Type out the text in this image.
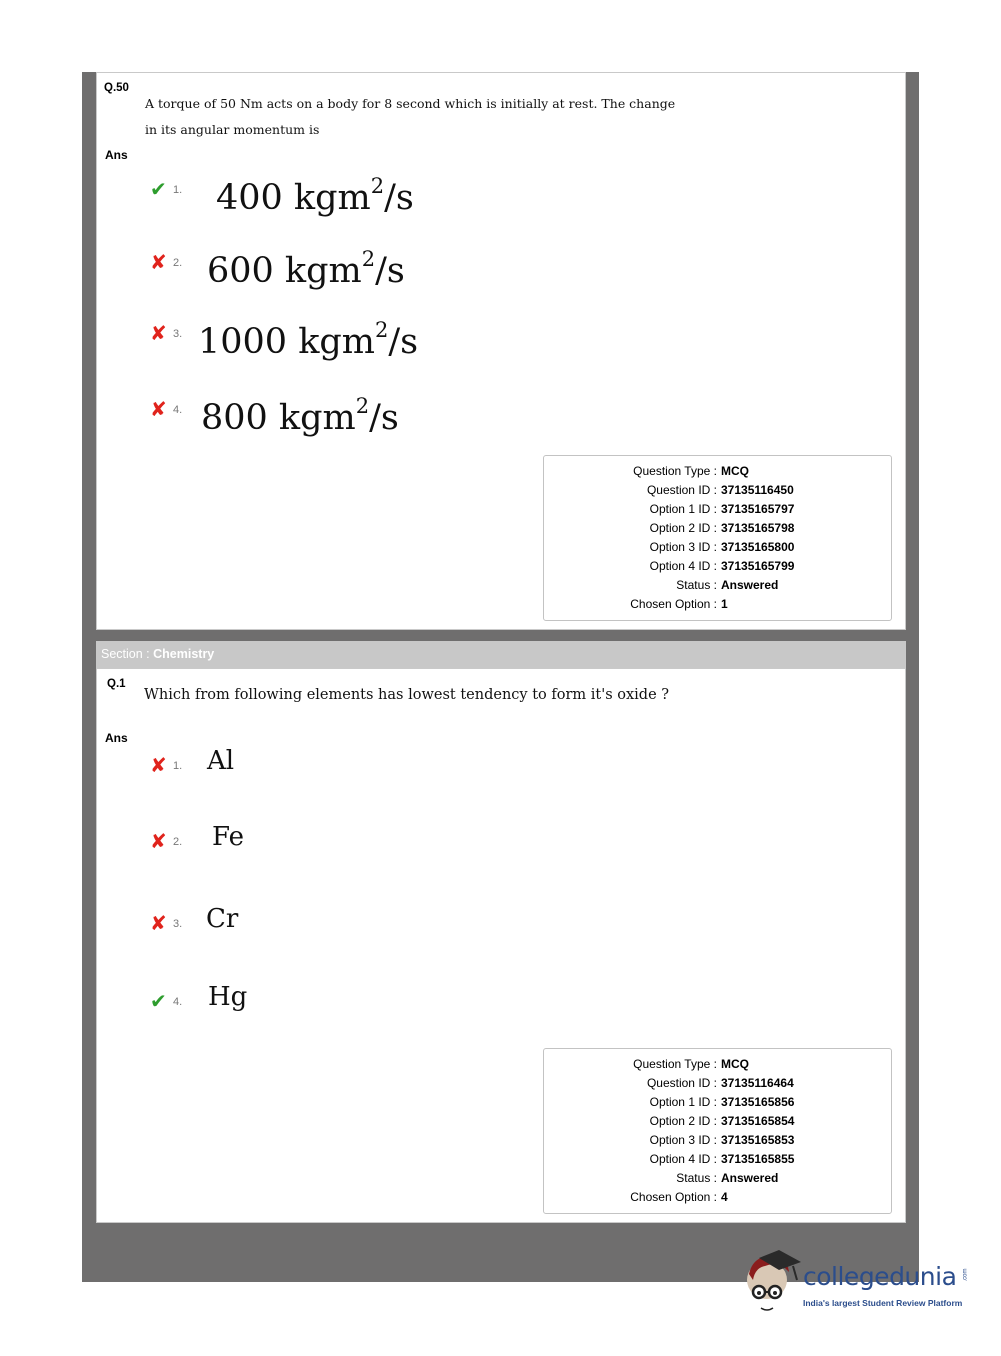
Q.50
A torque of 50 Nm acts on a body for 8 second which is initially at rest. The change
in its angular momentum is
Ans
✔ 1. 400 kgm$^2$/s
✘ 2. 600 kgm$^2$/s
✘ 3. 1000 kgm$^2$/s
✘ 4. 800 kgm$^2$/s
Question Type : MCQ
Question ID : 37135116450
Option 1 ID : 37135165797
Option 2 ID : 37135165798
Option 3 ID : 37135165800
Option 4 ID : 37135165799
Status : Answered
Chosen Option : 1
Section : Chemistry
Q.1
Which from following elements has lowest tendency to form it's oxide ?
Ans
✘ 1. Al
✘ 2. Fe
✘ 3. Cr
✔ 4. Hg
Question Type : MCQ
Question ID : 37135116464
Option 1 ID : 37135165856
Option 2 ID : 37135165854
Option 3 ID : 37135165853
Option 4 ID : 37135165855
Status : Answered
Chosen Option : 4
collegedunia .com
India's largest Student Review Platform
